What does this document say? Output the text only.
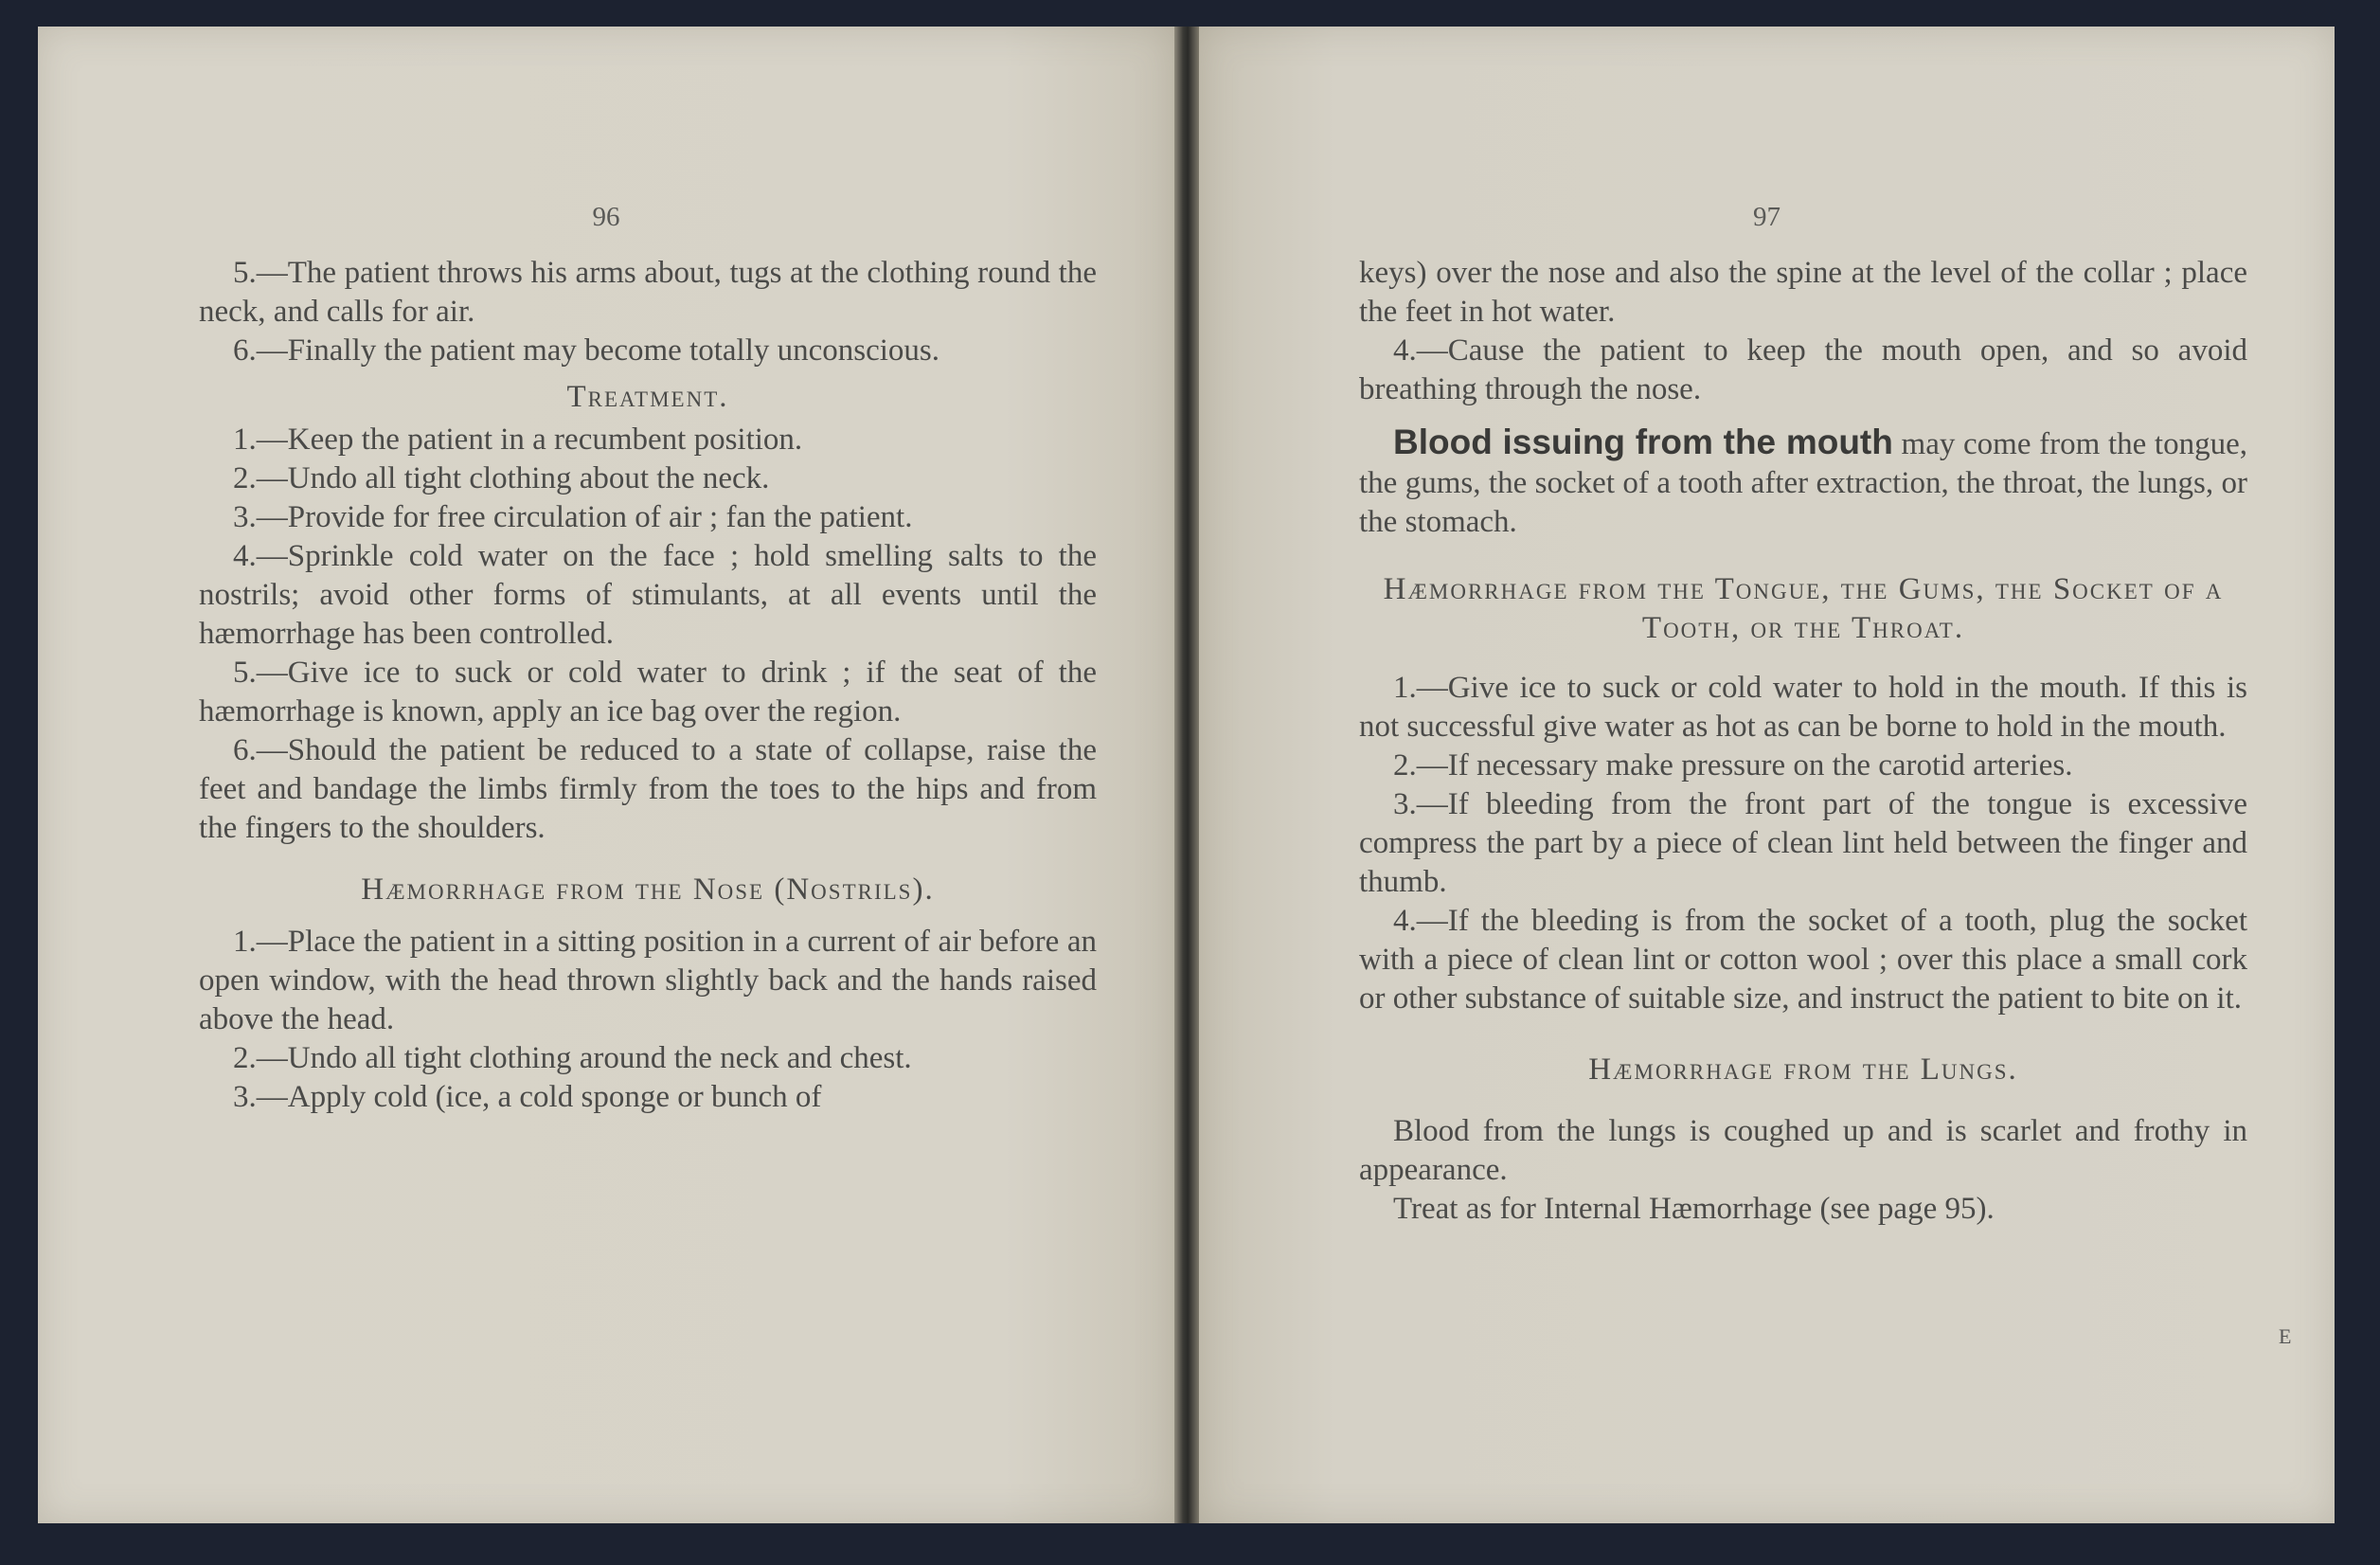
96

5.—The patient throws his arms about, tugs at the clothing round the neck, and calls for air.

6.—Finally the patient may become totally unconscious.

Treatment.

1.—Keep the patient in a recumbent position.

2.—Undo all tight clothing about the neck.

3.—Provide for free circulation of air ; fan the patient.

4.—Sprinkle cold water on the face ; hold smelling salts to the nostrils; avoid other forms of stimulants, at all events until the hæmorrhage has been controlled.

5.—Give ice to suck or cold water to drink ; if the seat of the hæmorrhage is known, apply an ice bag over the region.

6.—Should the patient be reduced to a state of collapse, raise the feet and bandage the limbs firmly from the toes to the hips and from the fingers to the shoulders.

Hæmorrhage from the Nose (Nostrils).

1.—Place the patient in a sitting position in a current of air before an open window, with the head thrown slightly back and the hands raised above the head.

2.—Undo all tight clothing around the neck and chest.

3.—Apply cold (ice, a cold sponge or bunch of

97

keys) over the nose and also the spine at the level of the collar ; place the feet in hot water.

4.—Cause the patient to keep the mouth open, and so avoid breathing through the nose.

Blood issuing from the mouth may come from the tongue, the gums, the socket of a tooth after extraction, the throat, the lungs, or the stomach.

Hæmorrhage from the Tongue, the Gums, the Socket of a Tooth, or the Throat.

1.—Give ice to suck or cold water to hold in the mouth. If this is not successful give water as hot as can be borne to hold in the mouth.

2.—If necessary make pressure on the carotid arteries.

3.—If bleeding from the front part of the tongue is excessive compress the part by a piece of clean lint held between the finger and thumb.

4.—If the bleeding is from the socket of a tooth, plug the socket with a piece of clean lint or cotton wool ; over this place a small cork or other substance of suitable size, and instruct the patient to bite on it.

Hæmorrhage from the Lungs.

Blood from the lungs is coughed up and is scarlet and frothy in appearance.

Treat as for Internal Hæmorrhage (see page 95).

E
